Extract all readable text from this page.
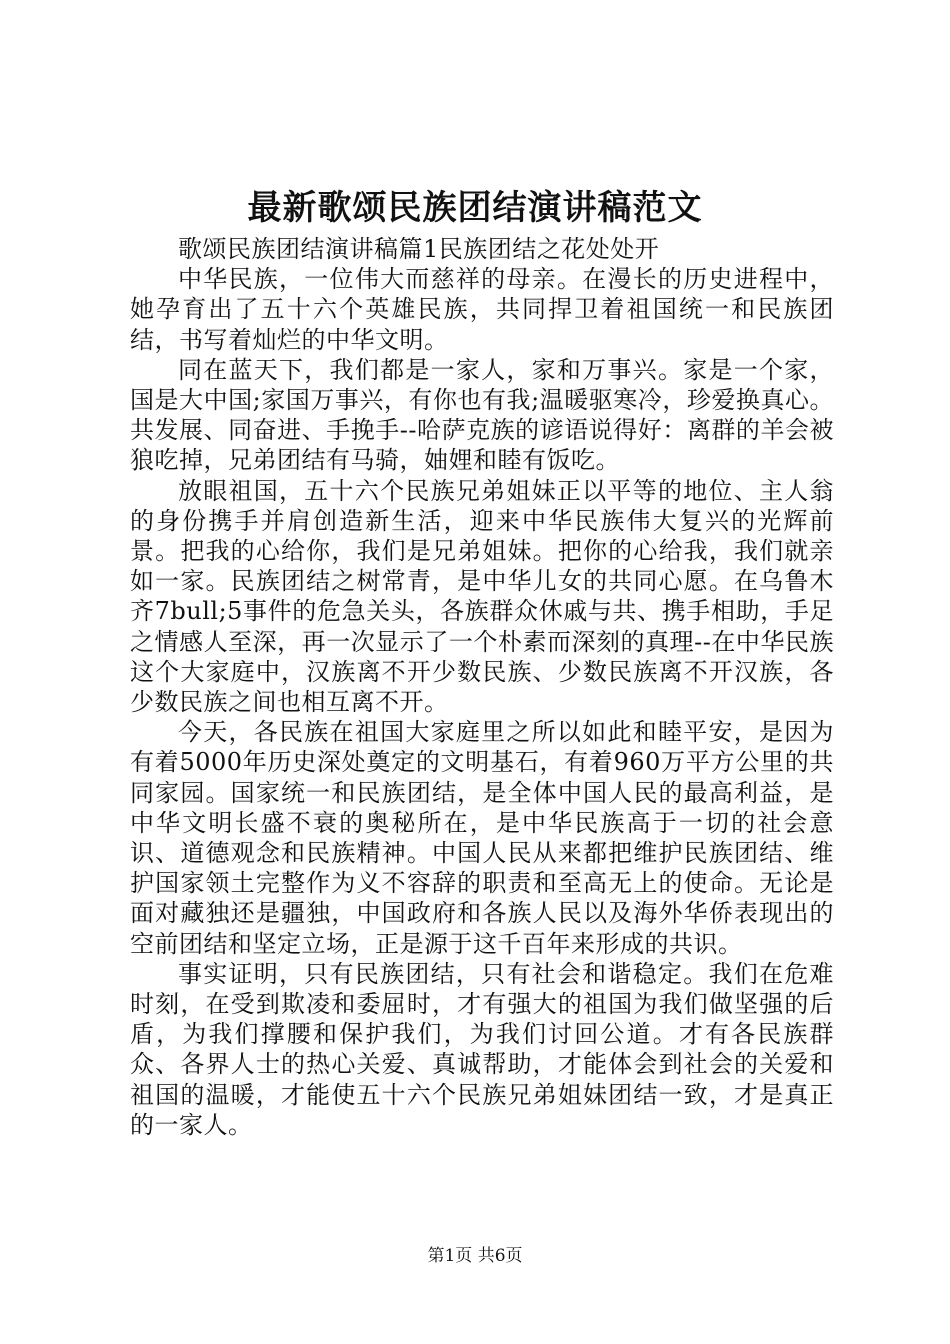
最新歌颂民族团结演讲稿范文

歌颂民族团结演讲稿篇1民族团结之花处处开

中华民族，一位伟大而慈祥的母亲。在漫长的历史进程中，她孕育出了五十六个英雄民族，共同捍卫着祖国统一和民族团结，书写着灿烂的中华文明。

同在蓝天下，我们都是一家人，家和万事兴。家是一个家，国是大中国;家国万事兴，有你也有我;温暖驱寒冷，珍爱换真心。共发展、同奋进、手挽手--哈萨克族的谚语说得好：离群的羊会被狼吃掉，兄弟团结有马骑，妯娌和睦有饭吃。

放眼祖国，五十六个民族兄弟姐妹正以平等的地位、主人翁的身份携手并肩创造新生活，迎来中华民族伟大复兴的光辉前景。把我的心给你，我们是兄弟姐妹。把你的心给我，我们就亲如一家。民族团结之树常青，是中华儿女的共同心愿。在乌鲁木齐7bull;5事件的危急关头，各族群众休戚与共、携手相助，手足之情感人至深，再一次显示了一个朴素而深刻的真理--在中华民族这个大家庭中，汉族离不开少数民族、少数民族离不开汉族，各少数民族之间也相互离不开。

今天，各民族在祖国大家庭里之所以如此和睦平安，是因为有着5000年历史深处奠定的文明基石，有着960万平方公里的共同家园。国家统一和民族团结，是全体中国人民的最高利益，是中华文明长盛不衰的奥秘所在，是中华民族高于一切的社会意识、道德观念和民族精神。中国人民从来都把维护民族团结、维护国家领土完整作为义不容辞的职责和至高无上的使命。无论是面对藏独还是疆独，中国政府和各族人民以及海外华侨表现出的空前团结和坚定立场，正是源于这千百年来形成的共识。

事实证明，只有民族团结，只有社会和谐稳定。我们在危难时刻，在受到欺凌和委屈时，才有强大的祖国为我们做坚强的后盾，为我们撑腰和保护我们，为我们讨回公道。才有各民族群众、各界人士的热心关爱、真诚帮助，才能体会到社会的关爱和祖国的温暖，才能使五十六个民族兄弟姐妹团结一致，才是真正的一家人。

第1页 共6页
